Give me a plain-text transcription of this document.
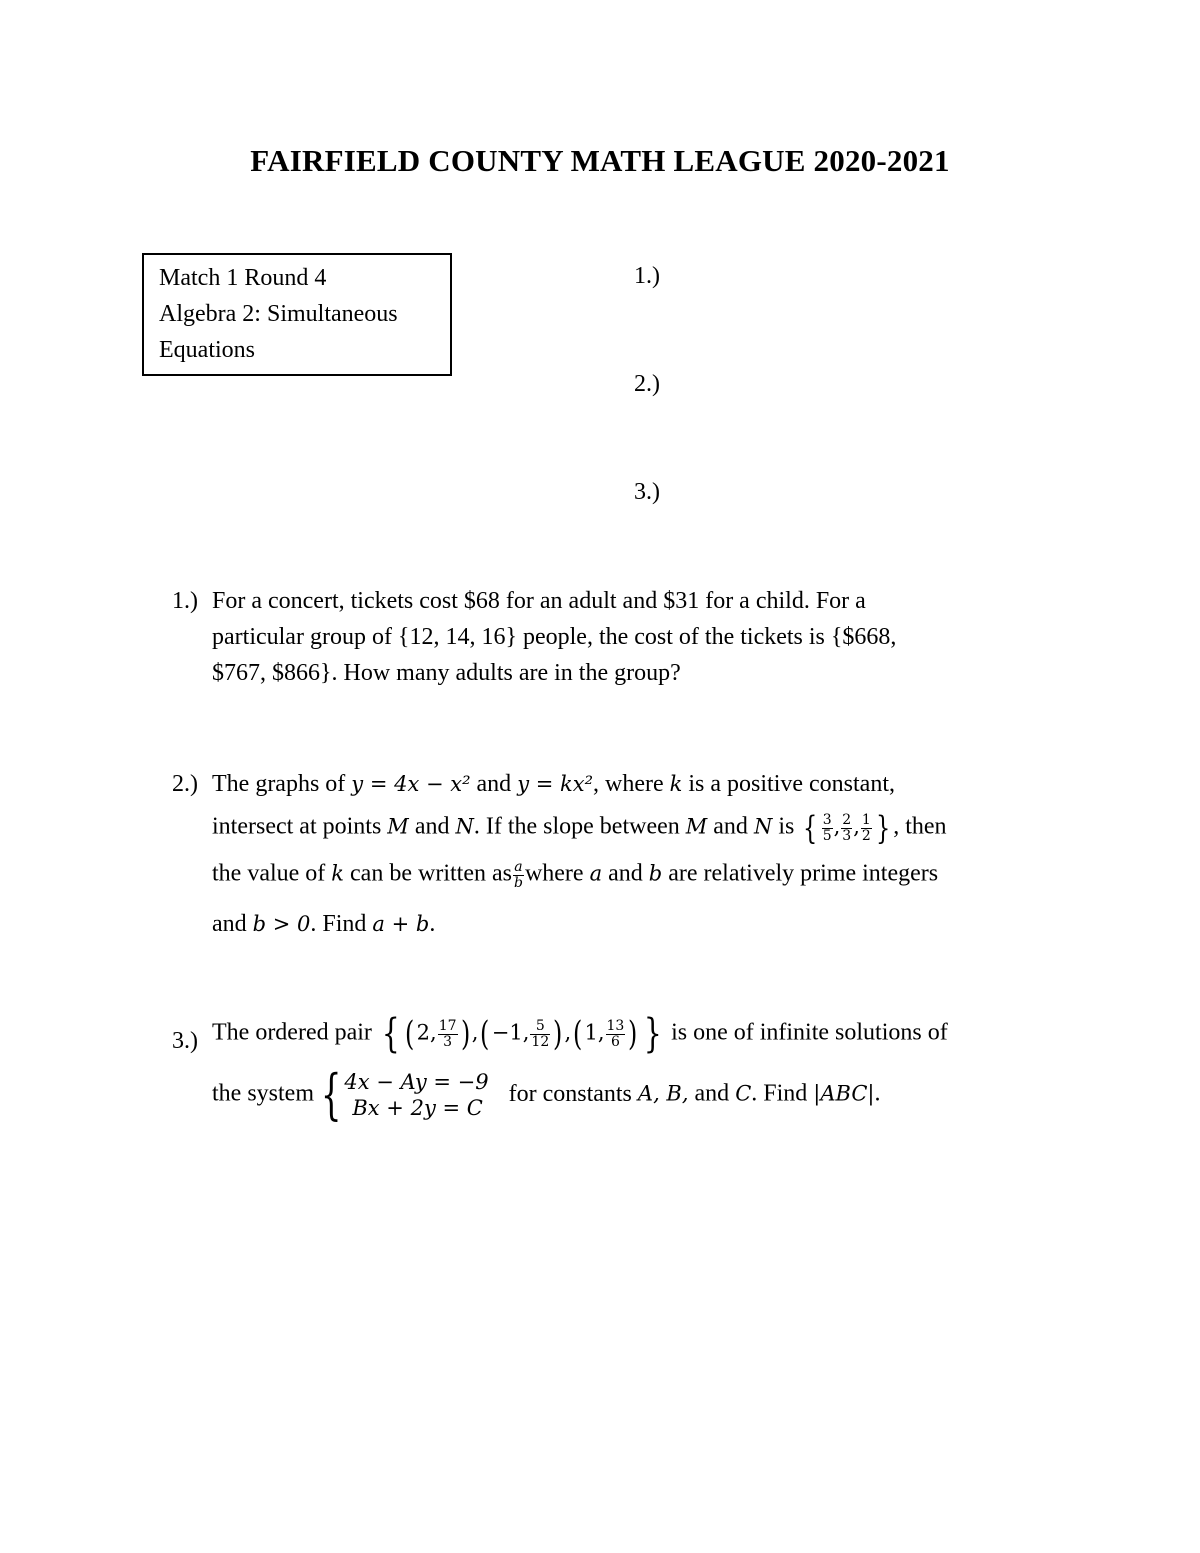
FAIRFIELD COUNTY MATH LEAGUE 2020-2021
Match 1 Round 4
Algebra 2: Simultaneous
Equations
1.)
2.)
3.)
1.) For a concert, tickets cost $68 for an adult and $31 for a child. For a
particular group of {12, 14, 16} people, the cost of the tickets is {$668,
$767, $866}. How many adults are in the group?
2.) The graphs of y = 4x − x² and y = kx², where k is a positive constant,
intersect at points M and N. If the slope between M and N is { $\frac{3}{5}$ , $\frac{2}{3}$ , $\frac{1}{2}$ } , then
the value of k can be written as $\frac{a}{b}$ where a and b are relatively prime integers
and b > 0. Find a + b.
3.) The ordered pair { (2, $\frac{17}{3} ),(-1$, $\frac{5}{12} ),(1$, $\frac{13}{6}$ ) } is one of infinite solutions of
the system { 4x − Ay = −9
Bx + 2y = C
for constants A, B, and C. Find |ABC|.
